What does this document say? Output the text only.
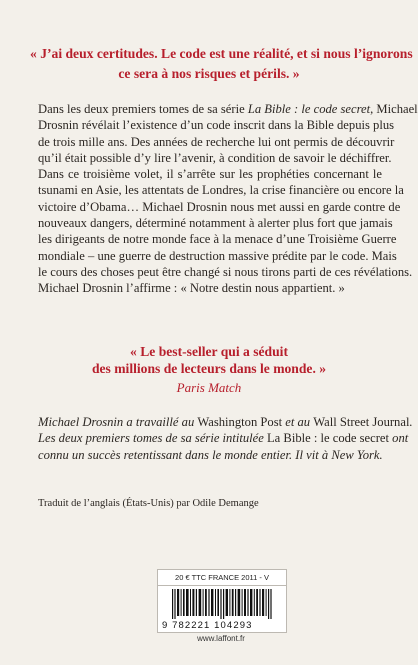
« J’ai deux certitudes. Le code est une réalité, et si nous l’ignorons
ce sera à nos risques et périls. »
Dans les deux premiers tomes de sa série La Bible : le code secret, Michael
Drosnin révélait l’existence d’un code inscrit dans la Bible depuis plus
de trois mille ans. Des années de recherche lui ont permis de découvrir
qu’il était possible d’y lire l’avenir, à condition de savoir le déchiffrer.
Dans ce troisième volet, il s’arrête sur les prophéties concernant le
tsunami en Asie, les attentats de Londres, la crise financière ou encore la
victoire d’Obama… Michael Drosnin nous met aussi en garde contre de
nouveaux dangers, déterminé notamment à alerter plus fort que jamais
les dirigeants de notre monde face à la menace d’une Troisième Guerre
mondiale – une guerre de destruction massive prédite par le code. Mais
le cours des choses peut être changé si nous tirons parti de ces révélations.
Michael Drosnin l’affirme : « Notre destin nous appartient. »
« Le best-seller qui a séduit
des millions de lecteurs dans le monde. »
Paris Match
Michael Drosnin a travaillé au Washington Post et au Wall Street Journal.
Les deux premiers tomes de sa série intitulée La Bible : le code secret ont
connu un succès retentissant dans le monde entier. Il vit à New York.
Traduit de l’anglais (États-Unis) par Odile Demange
20 € TTC FRANCE 2011 - V
9 782221 104293
www.laffont.fr
